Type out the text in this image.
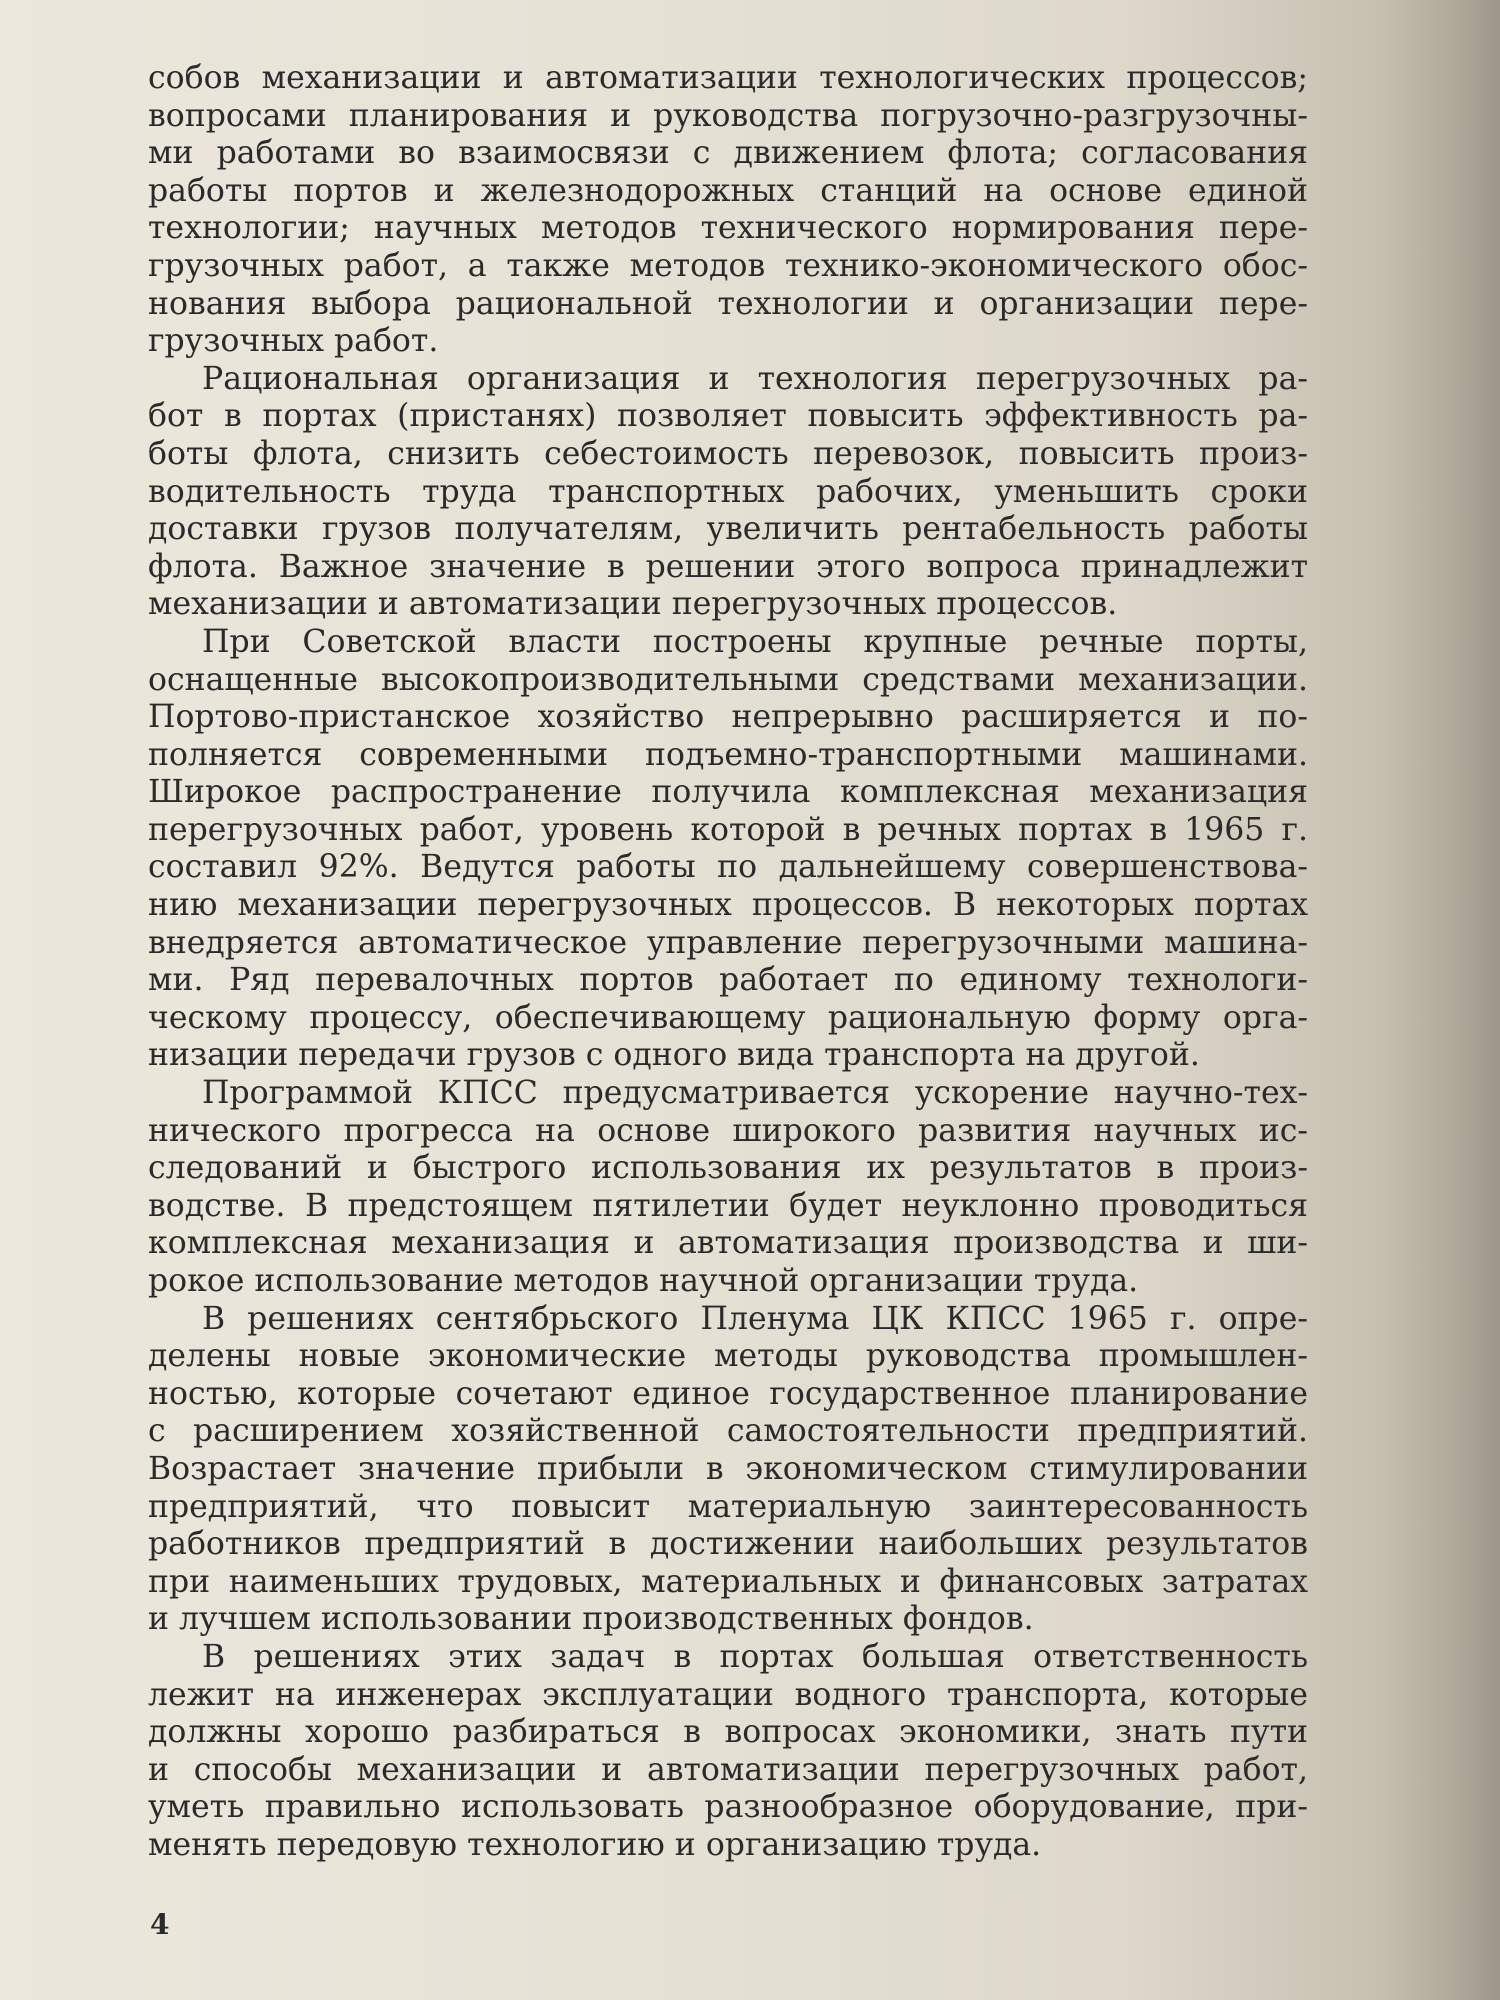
собов механизации и автоматизации технологических процессов;
вопросами планирования и руководства погрузочно-разгрузочны-
ми работами во взаимосвязи с движением флота; согласования
работы портов и железнодорожных станций на основе единой
технологии; научных методов технического нормирования пере-
грузочных работ, а также методов технико-экономического обос-
нования выбора рациональной технологии и организации пере-
грузочных работ.
Рациональная организация и технология перегрузочных ра-
бот в портах (пристанях) позволяет повысить эффективность ра-
боты флота, снизить себестоимость перевозок, повысить произ-
водительность труда транспортных рабочих, уменьшить сроки
доставки грузов получателям, увеличить рентабельность работы
флота. Важное значение в решении этого вопроса принадлежит
механизации и автоматизации перегрузочных процессов.
При Советской власти построены крупные речные порты,
оснащенные высокопроизводительными средствами механизации.
Портово-пристанское хозяйство непрерывно расширяется и по-
полняется современными подъемно-транспортными машинами.
Широкое распространение получила комплексная механизация
перегрузочных работ, уровень которой в речных портах в 1965 г.
составил 92%. Ведутся работы по дальнейшему совершенствова-
нию механизации перегрузочных процессов. В некоторых портах
внедряется автоматическое управление перегрузочными машина-
ми. Ряд перевалочных портов работает по единому технологи-
ческому процессу, обеспечивающему рациональную форму орга-
низации передачи грузов с одного вида транспорта на другой.
Программой КПСС предусматривается ускорение научно-тех-
нического прогресса на основе широкого развития научных ис-
следований и быстрого использования их результатов в произ-
водстве. В предстоящем пятилетии будет неуклонно проводиться
комплексная механизация и автоматизация производства и ши-
рокое использование методов научной организации труда.
В решениях сентябрьского Пленума ЦК КПСС 1965 г. опре-
делены новые экономические методы руководства промышлен-
ностью, которые сочетают единое государственное планирование
с расширением хозяйственной самостоятельности предприятий.
Возрастает значение прибыли в экономическом стимулировании
предприятий, что повысит материальную заинтересованность
работников предприятий в достижении наибольших результатов
при наименьших трудовых, материальных и финансовых затратах
и лучшем использовании производственных фондов.
В решениях этих задач в портах большая ответственность
лежит на инженерах эксплуатации водного транспорта, которые
должны хорошо разбираться в вопросах экономики, знать пути
и способы механизации и автоматизации перегрузочных работ,
уметь правильно использовать разнообразное оборудование, при-
менять передовую технологию и организацию труда.
4
